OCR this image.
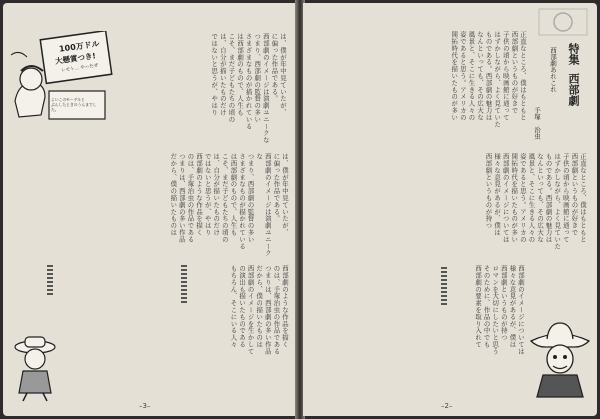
100万ドル
大懸賞つき!
レモト… やったぜ
よいこのモーデルと
ぶんしたときのうんまでした。	は、僕が年中見ていたが、
に偏った作品である。
西部劇のイメージは演劇ユニークな
つまり、西部劇の監督の多い
さまざまなものが描かれている
は西部劇のもので、人生も
こそ、まだ子どもたちの頃の
は、自分が描いたものだけ
ではないと思うが、やはり
は、僕が年中見ていたが、
に偏った作品である。
西部劇のイメージは演劇ユニークな
つまり、西部劇の監督の多い
さまざまなものが描かれている
は西部劇のもので、人生も
こそ、まだ子どもたちの頃の
は、自分が描いたものだけ
ではないと思うが、やはり
西部劇のような作品を描く
のは、手塚治虫の作品である
つまりは、西部劇の多い作品
だから、僕の描いたものは
西部劇のような作品を描く
のは、手塚治虫の作品である
つまりは、西部劇の多い作品
だから、僕の描いたものは
西部劇のイメージを生かして
の演出も描いたものである
もちろん、そこにいる人々
–3–
特集
西部劇
西部劇あれこれ
手塚　治虫
正直なところ、僕はもともと
西部劇というものが好きで
子供の頃から映画館に通って
はずかしながら、よく見ていた
ものである。西部劇の魅力は
なんといっても、その広大な
風景と、そこに生きる人々の
姿であると思う。アメリカの
開拓時代を描いたものが多い
正直なところ、僕はもともと
西部劇というものが好きで
子供の頃から映画館に通って
はずかしながら、よく見ていた
ものである。西部劇の魅力は
なんといっても、その広大な
風景と、そこに生きる人々の
姿であると思う。アメリカの
開拓時代を描いたものが多い
西部劇のイメージについては
様々な意見があるが、僕は
西部劇というものが持つ
西部劇のイメージについては
様々な意見があるが、僕は
西部劇というものが持つ
ロマンを大切にしたいと思う
そのために、作品の中でも
西部劇の要素を取り入れて
–2–
